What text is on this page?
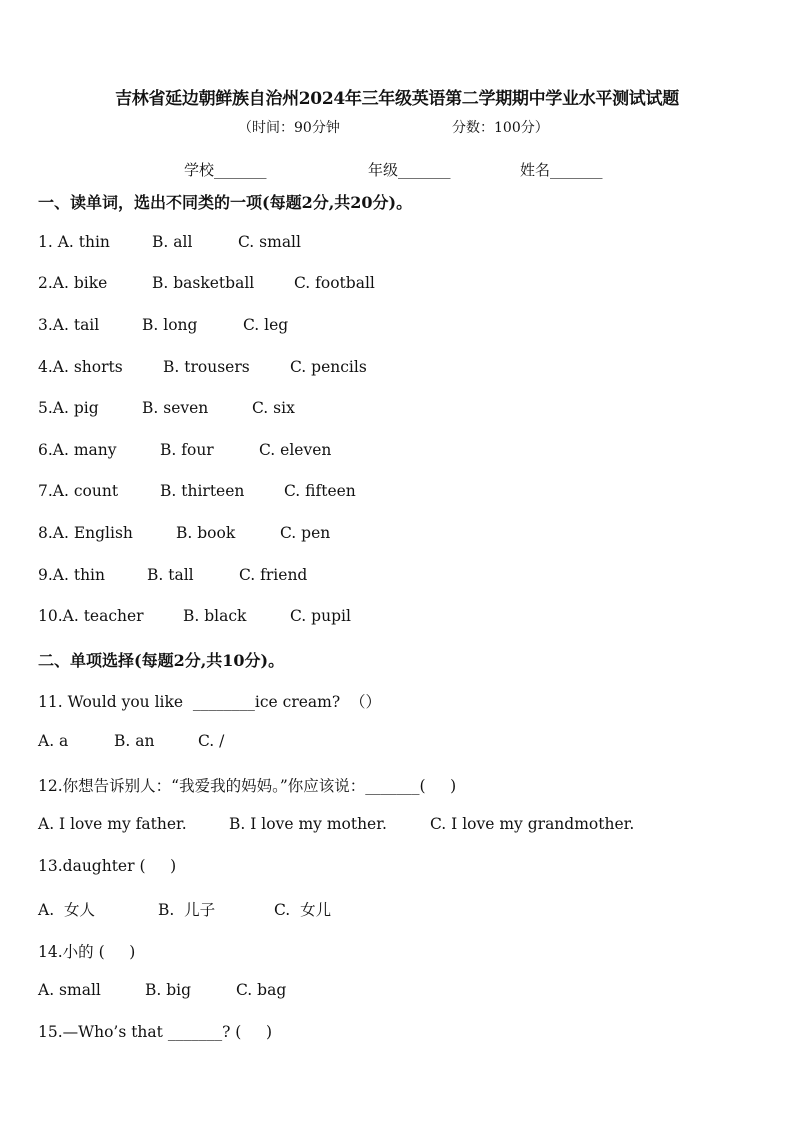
吉林省延边朝鲜族自治州2024年三年级英语第二学期期中学业水平测试试题
（时间：90分钟	分数：100分）
学校_______	年级_______	姓名_______
一、读单词，选出不同类的一项(每题2分,共20分)。
1. A. thin	B. all	C. small
2.A. bike	B. basketball	C. football
3.A. tail	B. long	C. leg
4.A. shorts	B. trousers	C. pencils
5.A. pig	B. seven	C. six
6.A. many	B. four	C. eleven
7.A. count	B. thirteen	C. fifteen
8.A. English	B. book	C. pen
9.A. thin	B. tall	C. friend
10.A. teacher	B. black	C. pupil
二、单项选择(每题2分,共10分)。
11. Would you like  ________ice cream?  （）
A. a	B. an	C. /
12.你想告诉别人：“我爱我的妈妈。”你应该说：_______(     )
A. I love my father.	B. I love my mother.	C. I love my grandmother.
13.daughter (     )
A.  女人	B.  儿子	C.  女儿
14.小的 (     )
A. small	B. big	C. bag
15.—Who’s that _______? (     )
